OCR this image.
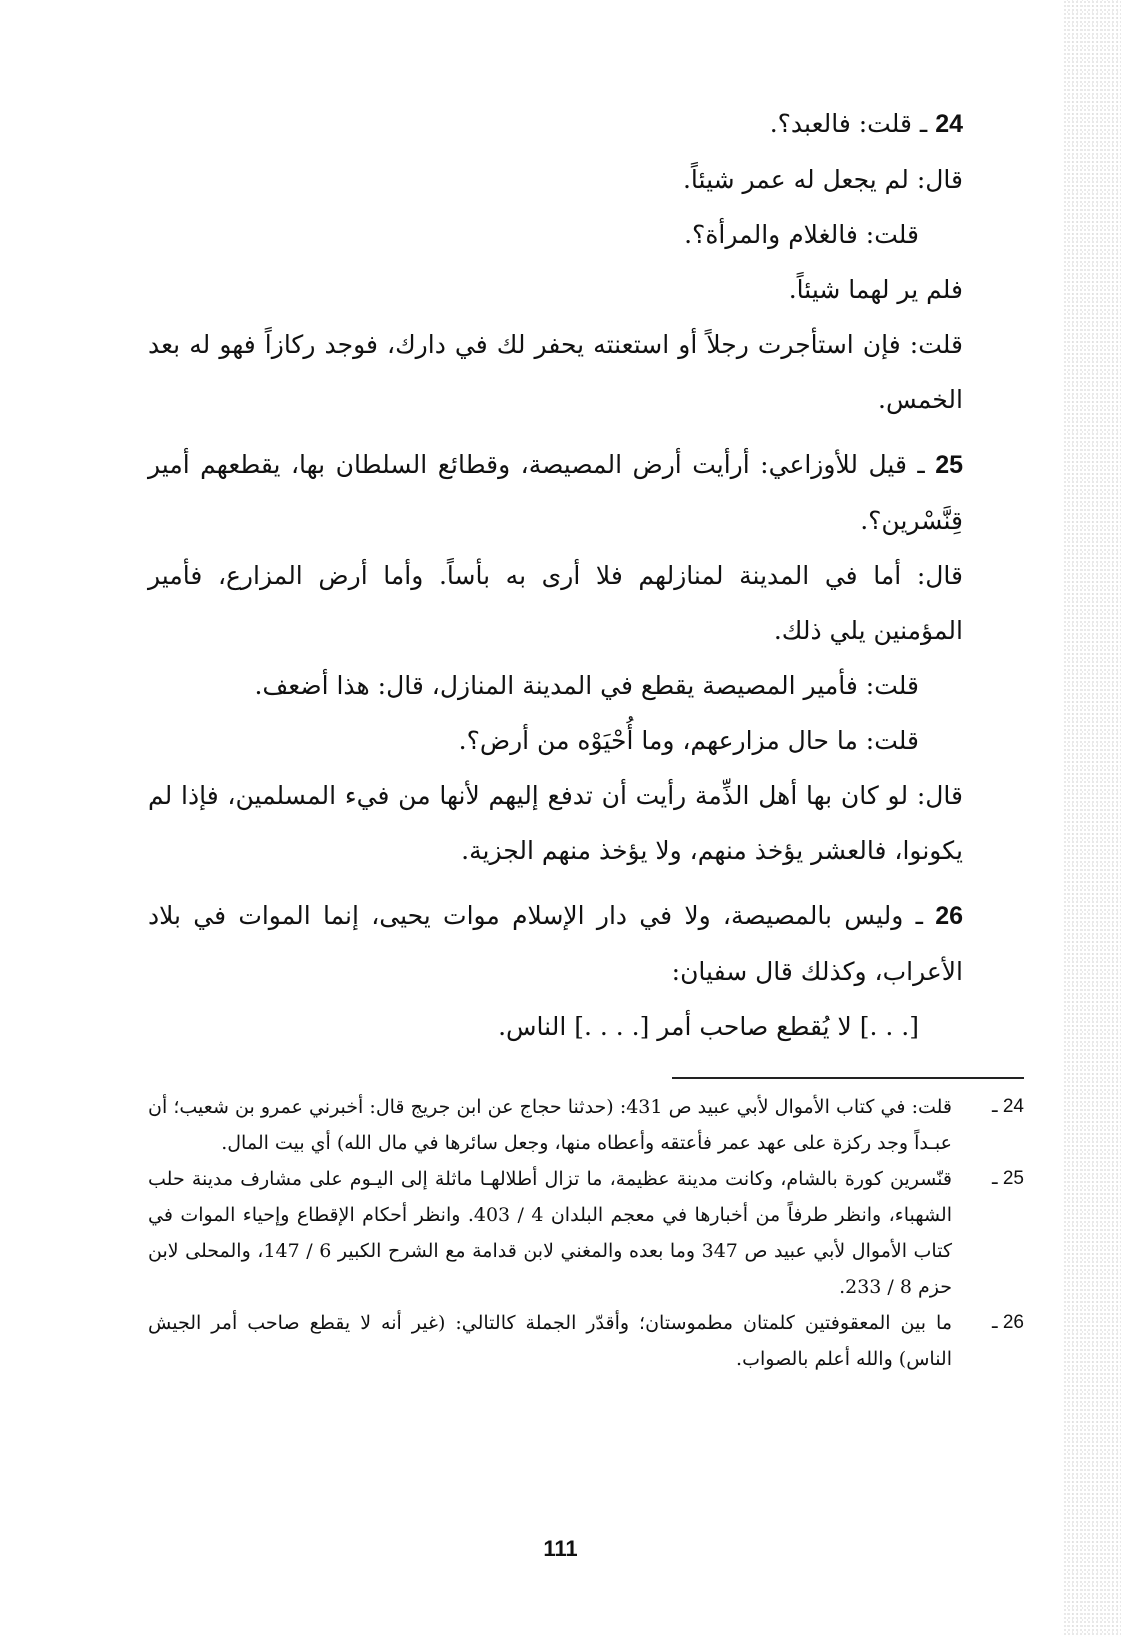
24 ـ قلت: فالعبد؟.

قال: لم يجعل له عمر شيئاً.

قلت: فالغلام والمرأة؟.

فلم ير لهما شيئاً.

قلت: فإن استأجرت رجلاً أو استعنته يحفر لك في دارك، فوجد ركازاً فهو له بعد الخمس.

25 ـ قيل للأوزاعي: أرأيت أرض المصيصة، وقطائع السلطان بها، يقطعهم أمير قِنَّسْرين؟.

قال: أما في المدينة لمنازلهم فلا أرى به بأساً. وأما أرض المزارع، فأمير المؤمنين يلي ذلك.

قلت: فأمير المصيصة يقطع في المدينة المنازل، قال: هذا أضعف.

قلت: ما حال مزارعهم، وما أُحْيَوْه من أرض؟.

قال: لو كان بها أهل الذِّمة رأيت أن تدفع إليهم لأنها من فيء المسلمين، فإذا لم يكونوا، فالعشر يؤخذ منهم، ولا يؤخذ منهم الجزية.

26 ـ وليس بالمصيصة، ولا في دار الإسلام موات يحيى، إنما الموات في بلاد الأعراب، وكذلك قال سفيان:

[. . .] لا يُقطع صاحب أمر [. . . .] الناس.

24 ـ
قلت: في كتاب الأموال لأبي عبيد ص 431: (حدثنا حجاج عن ابن جريج قال: أخبرني عمرو بن شعيب؛ أن عبـداً وجد ركزة على عهد عمر فأعتقه وأعطاه منها، وجعل سائرها في مال الله) أي بيت المال.
25 ـ
قنّسرين كورة بالشام، وكانت مدينة عظيمة، ما تزال أطلالهـا ماثلة إلى اليـوم على مشارف مدينة حلب الشهباء، وانظر طرفاً من أخبارها في معجم البلدان 4 / 403. وانظر أحكام الإقطاع وإحياء الموات في كتاب الأموال لأبي عبيد ص 347 وما بعده والمغني لابن قدامة مع الشرح الكبير 6 / 147، والمحلى لابن حزم 8 / 233.
26 ـ
ما بين المعقوفتين كلمتان مطموستان؛ وأقدّر الجملة كالتالي: (غير أنه لا يقطع صاحب أمر الجيش الناس) والله أعلم بالصواب.
111
